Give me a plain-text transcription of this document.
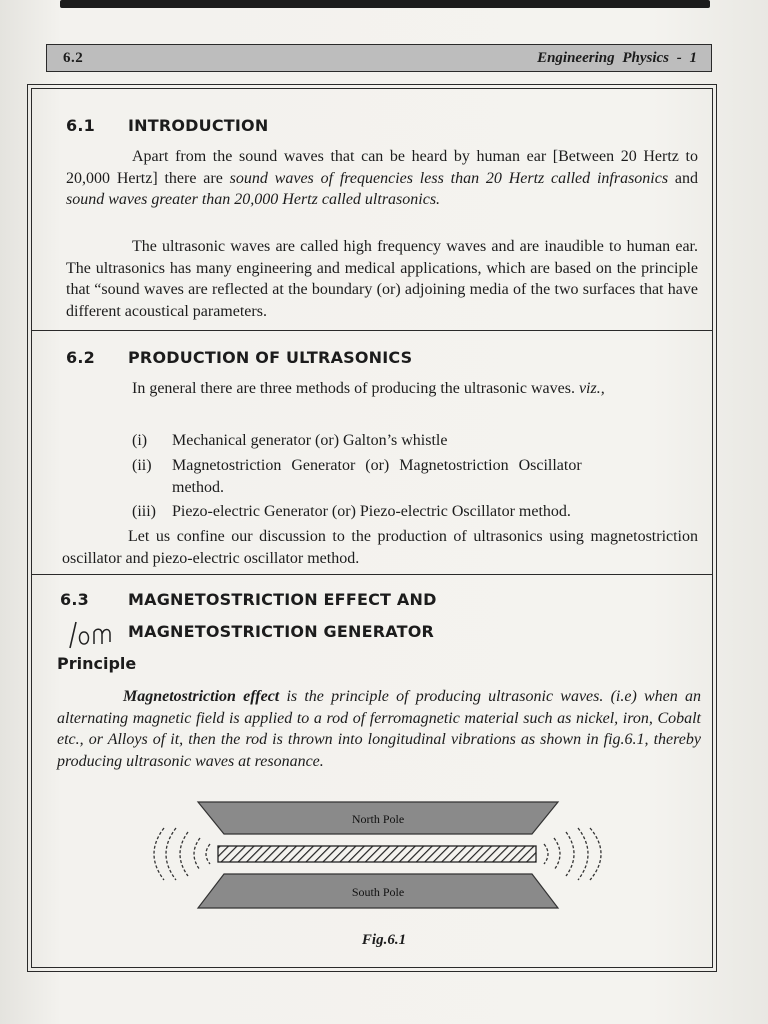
6.2	Engineering Physics - 1
6.1 INTRODUCTION

Apart from the sound waves that can be heard by human ear [Between 20 Hertz to 20,000 Hertz] there are sound waves of frequencies less than 20 Hertz called infrasonics and sound waves greater than 20,000 Hertz called ultrasonics.

The ultrasonic waves are called high frequency waves and are inaudible to human ear. The ultrasonics has many engineering and medical applications, which are based on the principle that “sound waves are reflected at the boundary (or) adjoining media of the two surfaces that have different acoustical parameters.

6.2 PRODUCTION OF ULTRASONICS

In general there are three methods of producing the ultrasonic waves. viz.,

(i) Mechanical generator (or) Galton’s whistle
(ii) Magnetostriction Generator (or) Magnetostriction Oscillator
method.
(iii) Piezo-electric Generator (or) Piezo-electric Oscillator method.

Let us confine our discussion to the production of ultrasonics using magnetostriction oscillator and piezo-electric oscillator method.

6.3 MAGNETOSTRICTION EFFECT AND
MAGNETOSTRICTION GENERATOR
Principle

Magnetostriction effect is the principle of producing ultrasonic waves. (i.e) when an alternating magnetic field is applied to a rod of ferromagnetic material such as nickel, iron, Cobalt etc., or Alloys of it, then the rod is thrown into longitudinal vibrations as shown in fig.6.1, thereby producing ultrasonic waves at resonance.

North Pole
South Pole
Fig.6.1
